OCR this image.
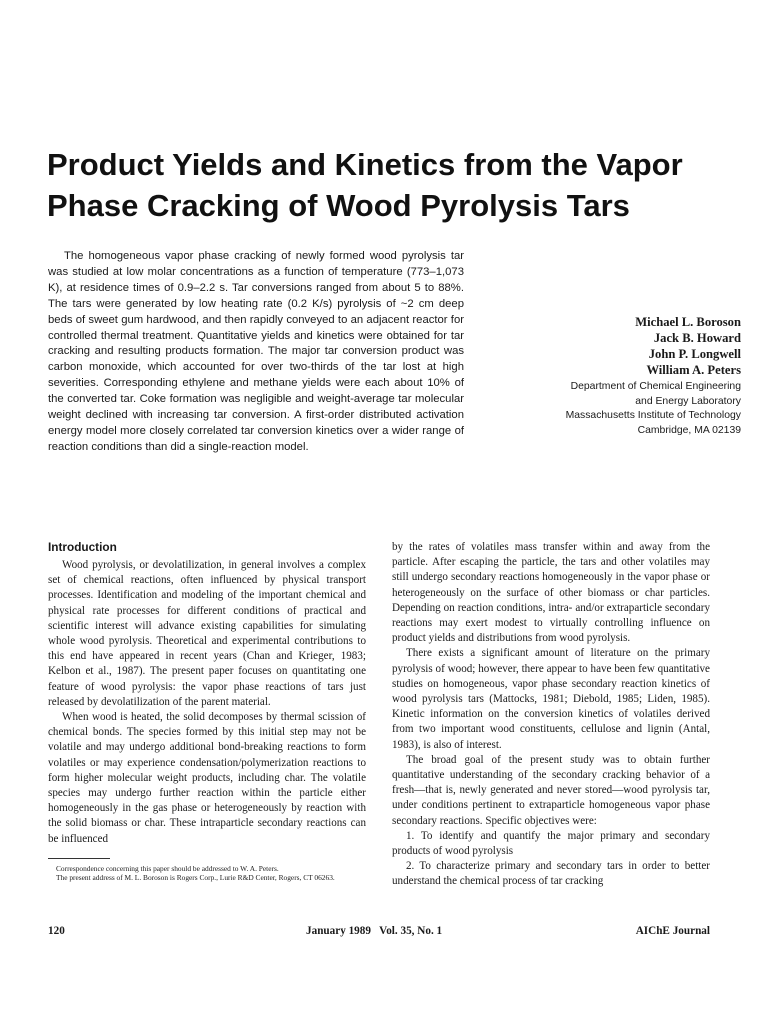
Product Yields and Kinetics from the Vapor Phase Cracking of Wood Pyrolysis Tars

The homogeneous vapor phase cracking of newly formed wood pyrolysis tar was studied at low molar concentrations as a function of temperature (773–1,073 K), at residence times of 0.9–2.2 s. Tar conversions ranged from about 5 to 88%. The tars were generated by low heating rate (0.2 K/s) pyrolysis of ~2 cm deep beds of sweet gum hardwood, and then rapidly conveyed to an adjacent reactor for controlled thermal treatment. Quantitative yields and kinetics were obtained for tar cracking and resulting products formation. The major tar conversion product was carbon monoxide, which accounted for over two-thirds of the tar lost at high severities. Corresponding ethylene and methane yields were each about 10% of the converted tar. Coke formation was negligible and weight-average tar molecular weight declined with increasing tar conversion. A first-order distributed activation energy model more closely correlated tar conversion kinetics over a wider range of reaction conditions than did a single-reaction model.

Michael L. Boroson
Jack B. Howard
John P. Longwell
William A. Peters
Department of Chemical Engineering
and Energy Laboratory
Massachusetts Institute of Technology
Cambridge, MA 02139
Introduction

Wood pyrolysis, or devolatilization, in general involves a complex set of chemical reactions, often influenced by physical transport processes. Identification and modeling of the important chemical and physical rate processes for different conditions of practical and scientific interest will advance existing capabilities for simulating whole wood pyrolysis. Theoretical and experimental contributions to this end have appeared in recent years (Chan and Krieger, 1983; Kelbon et al., 1987). The present paper focuses on quantitating one feature of wood pyrolysis: the vapor phase reactions of tars just released by devolatilization of the parent material.

When wood is heated, the solid decomposes by thermal scission of chemical bonds. The species formed by this initial step may not be volatile and may undergo additional bond-breaking reactions to form volatiles or may experience condensation/polymerization reactions to form higher molecular weight products, including char. The volatile species may undergo further reaction within the particle either homogeneously in the gas phase or heterogeneously by reaction with the solid biomass or char. These intraparticle secondary reactions can be influenced

by the rates of volatiles mass transfer within and away from the particle. After escaping the particle, the tars and other volatiles may still undergo secondary reactions homogeneously in the vapor phase or heterogeneously on the surface of other biomass or char particles. Depending on reaction conditions, intra- and/or extraparticle secondary reactions may exert modest to virtually controlling influence on product yields and distributions from wood pyrolysis.

There exists a significant amount of literature on the primary pyrolysis of wood; however, there appear to have been few quantitative studies on homogeneous, vapor phase secondary reaction kinetics of wood pyrolysis tars (Mattocks, 1981; Diebold, 1985; Liden, 1985). Kinetic information on the conversion kinetics of volatiles derived from two important wood constituents, cellulose and lignin (Antal, 1983), is also of interest.

The broad goal of the present study was to obtain further quantitative understanding of the secondary cracking behavior of a fresh—that is, newly generated and never stored—wood pyrolysis tar, under conditions pertinent to extraparticle homogeneous vapor phase secondary reactions. Specific objectives were:

1. To identify and quantify the major primary and secondary products of wood pyrolysis

2. To characterize primary and secondary tars in order to better understand the chemical process of tar cracking

Correspondence concerning this paper should be addressed to W. A. Peters.
The present address of M. L. Boroson is Rogers Corp., Lurie R&D Center, Rogers, CT 06263.
120	January 1989   Vol. 35, No. 1	AIChE Journal
